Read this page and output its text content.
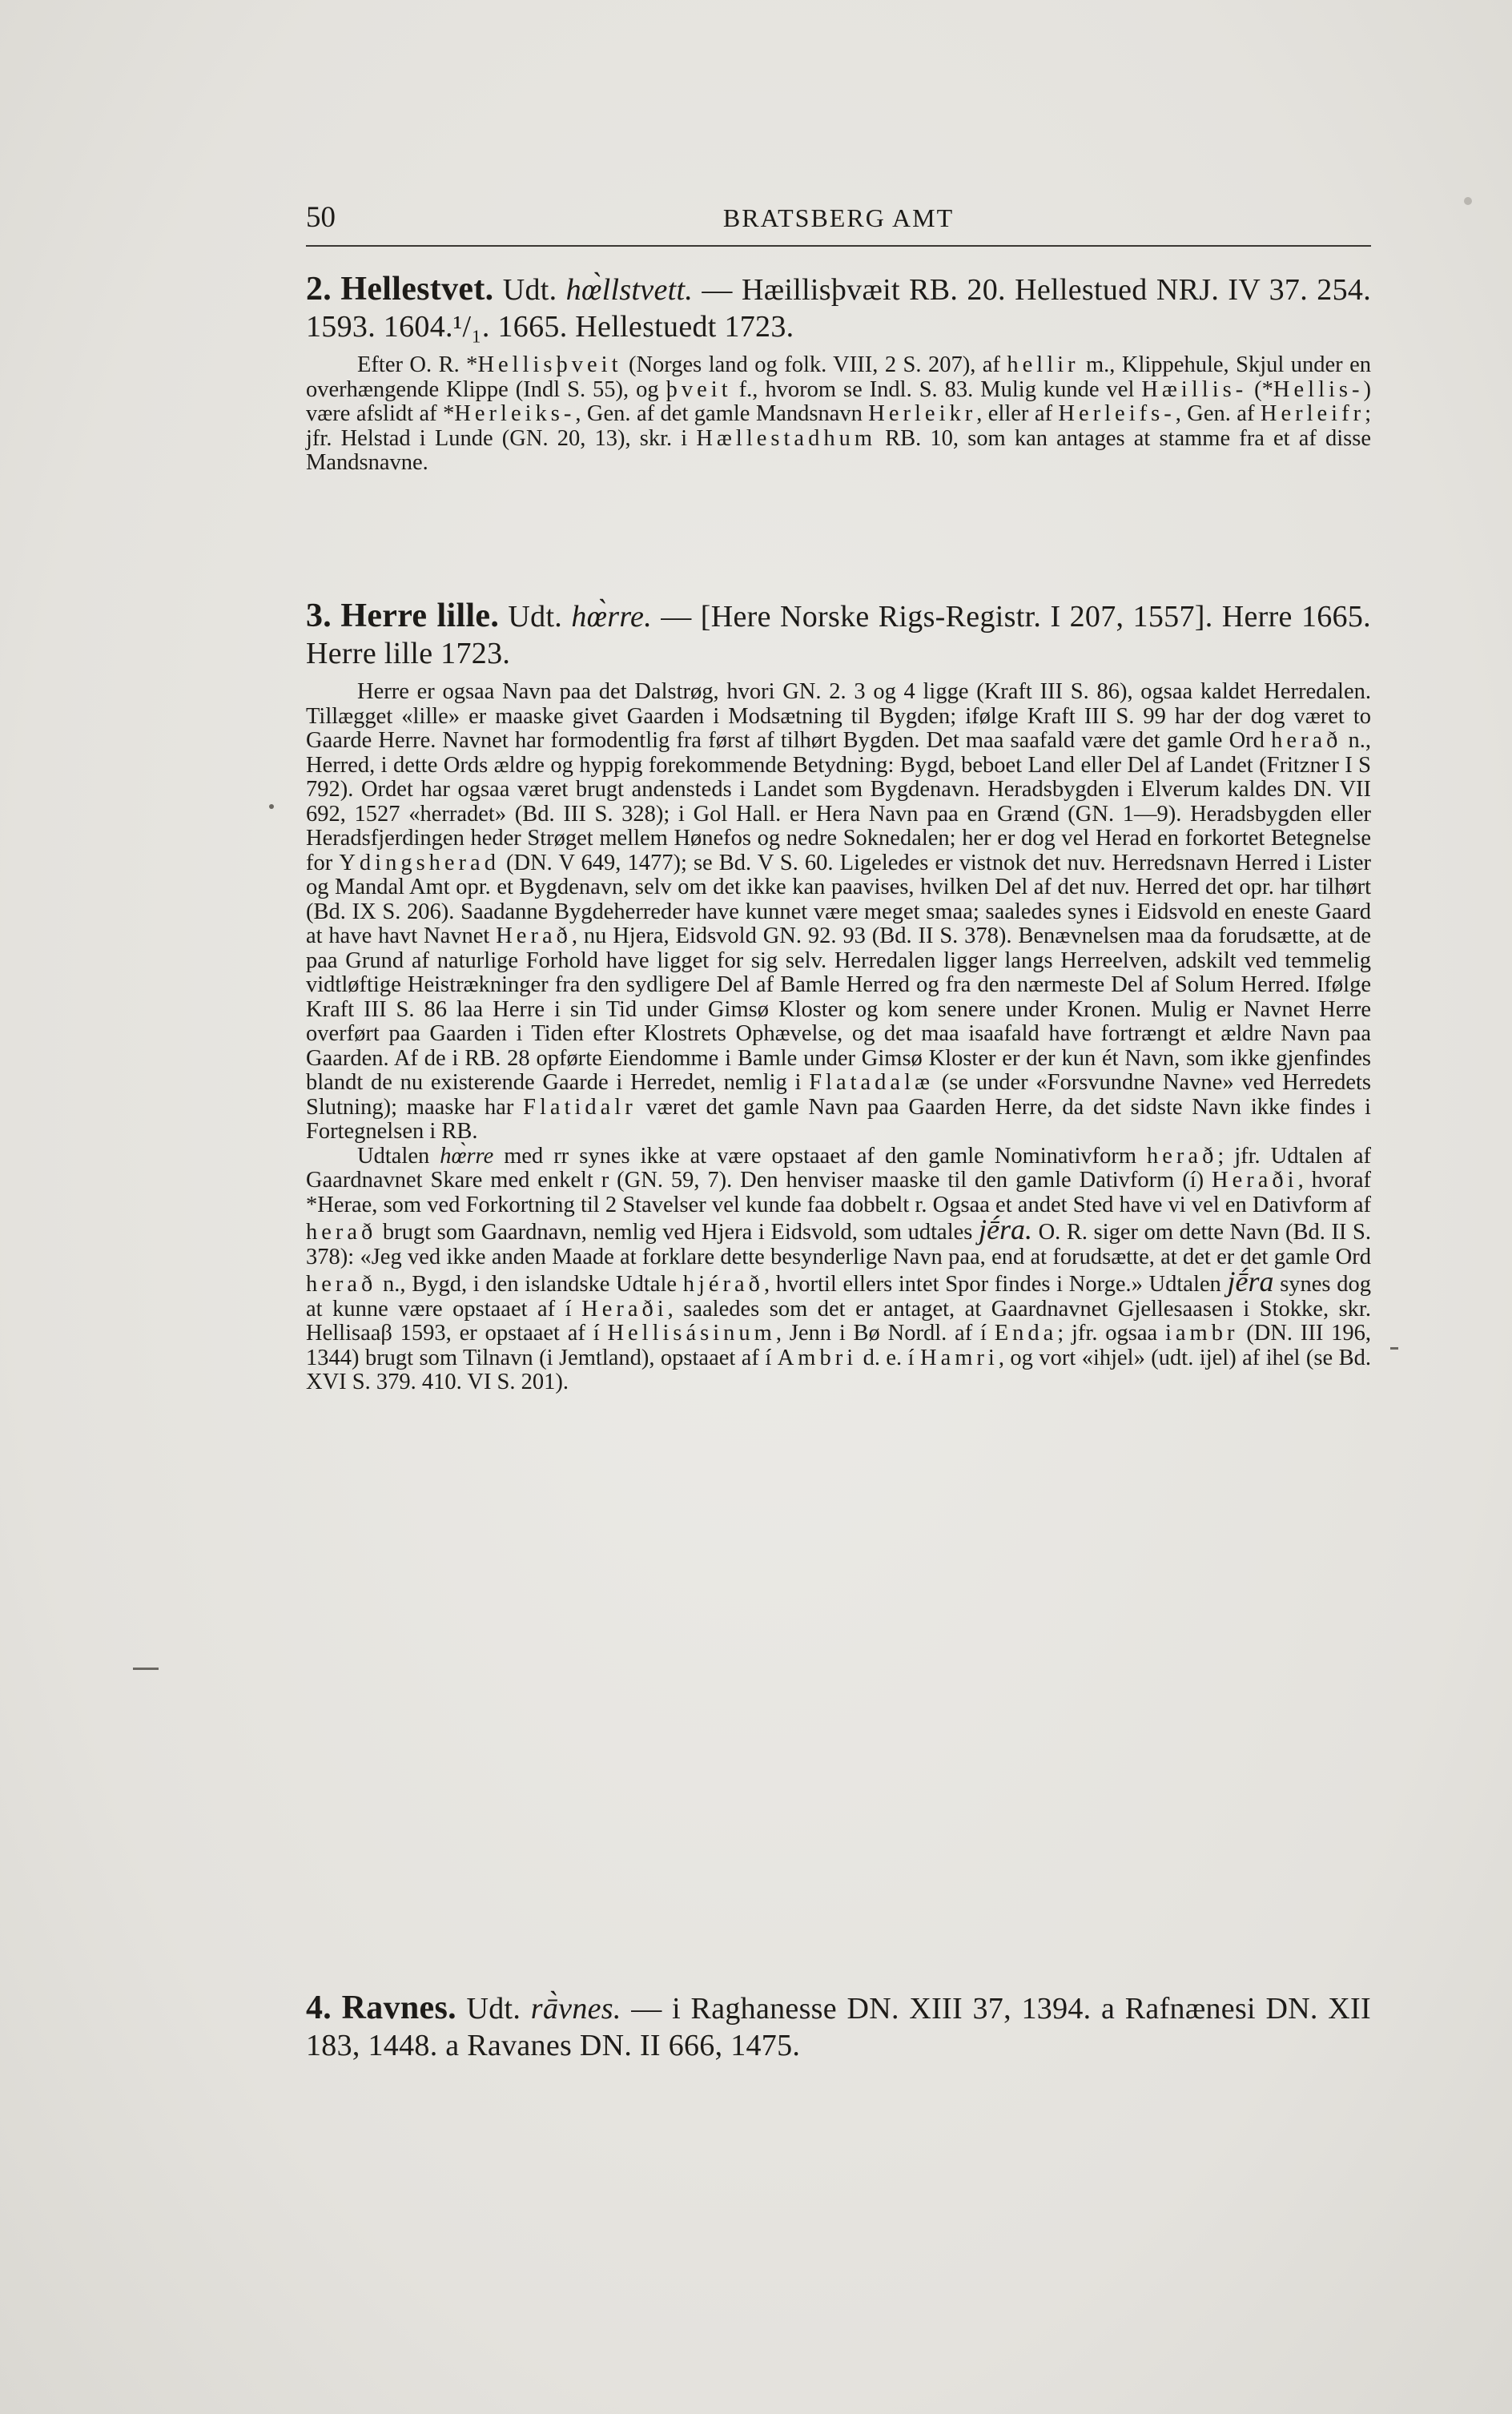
50	BRATSBERG AMT

2. Hellestvet. Udt. hœ̀llstvett. — Hæillisþvæit RB. 20. Hellestued NRJ. IV 37. 254. 1593. 1604.¹/₁. 1665. Hellestuedt 1723.

Efter O. R. *Hellisþveit (Norges land og folk. VIII, 2 S. 207), af hellir m., Klippehule, Skjul under en overhængende Klippe (Indl S. 55), og þveit f., hvorom se Indl. S. 83. Mulig kunde vel Hæillis- (*Hellis-) være afslidt af *Herleiks-, Gen. af det gamle Mandsnavn Herleikr, eller af Herleifs-, Gen. af Herleifr; jfr. Helstad i Lunde (GN. 20, 13), skr. i Hællestadhum RB. 10, som kan antages at stamme fra et af disse Mandsnavne.

3. Herre lille. Udt. hœ̀rre. — [Here Norske Rigs-Registr. I 207, 1557]. Herre 1665. Herre lille 1723.

Herre er ogsaa Navn paa det Dalstrøg, hvori GN. 2. 3 og 4 ligge (Kraft III S. 86), ogsaa kaldet Herredalen. Tillægget «lille» er maaske givet Gaarden i Modsætning til Bygden; ifølge Kraft III S. 99 har der dog været to Gaarde Herre. Navnet har formodentlig fra først af tilhørt Bygden. Det maa saafald være det gamle Ord herað n., Herred, i dette Ords ældre og hyppig forekommende Betydning: Bygd, beboet Land eller Del af Landet (Fritzner I S 792). Ordet har ogsaa været brugt andensteds i Landet som Bygdenavn. Heradsbygden i Elverum kaldes DN. VII 692, 1527 «herradet» (Bd. III S. 328); i Gol Hall. er Hera Navn paa en Grænd (GN. 1—9). Heradsbygden eller Heradsfjerdingen heder Strøget mellem Hønefos og nedre Soknedalen; her er dog vel Herad en forkortet Betegnelse for Ydingsherad (DN. V 649, 1477); se Bd. V S. 60. Ligeledes er vistnok det nuv. Herredsnavn Herred i Lister og Mandal Amt opr. et Bygdenavn, selv om det ikke kan paavises, hvilken Del af det nuv. Herred det opr. har tilhørt (Bd. IX S. 206). Saadanne Bygdeherreder have kunnet være meget smaa; saaledes synes i Eidsvold en eneste Gaard at have havt Navnet Herað, nu Hjera, Eidsvold GN. 92. 93 (Bd. II S. 378). Benævnelsen maa da forudsætte, at de paa Grund af naturlige Forhold have ligget for sig selv. Herredalen ligger langs Herreelven, adskilt ved temmelig vidtløftige Heistrækninger fra den sydligere Del af Bamle Herred og fra den nærmeste Del af Solum Herred. Ifølge Kraft III S. 86 laa Herre i sin Tid under Gimsø Kloster og kom senere under Kronen. Mulig er Navnet Herre overført paa Gaarden i Tiden efter Klostrets Ophævelse, og det maa isaafald have fortrængt et ældre Navn paa Gaarden. Af de i RB. 28 opførte Eiendomme i Bamle under Gimsø Kloster er der kun ét Navn, som ikke gjenfindes blandt de nu existerende Gaarde i Herredet, nemlig i Flatadalæ (se under «Forsvundne Navne» ved Herredets Slutning); maaske har Flatidalr været det gamle Navn paa Gaarden Herre, da det sidste Navn ikke findes i Fortegnelsen i RB.

Udtalen hœ̀rre med rr synes ikke at være opstaaet af den gamle Nominativform herað; jfr. Udtalen af Gaardnavnet Skare med enkelt r (GN. 59, 7). Den henviser maaske til den gamle Dativform (í) Heraði, hvoraf *Herae, som ved Forkortning til 2 Stavelser vel kunde faa dobbelt r. Ogsaa et andet Sted have vi vel en Dativform af herað brugt som Gaardnavn, nemlig ved Hjera i Eidsvold, som udtales jḗra. O. R. siger om dette Navn (Bd. II S. 378): «Jeg ved ikke anden Maade at forklare dette besynderlige Navn paa, end at forudsætte, at det er det gamle Ord herað n., Bygd, i den islandske Udtale hjérað, hvortil ellers intet Spor findes i Norge.» Udtalen jḗra synes dog at kunne være opstaaet af í Heraði, saaledes som det er antaget, at Gaardnavnet Gjellesaasen i Stokke, skr. Hellisaaβ 1593, er opstaaet af í Hellisásinum, Jenn i Bø Nordl. af í Enda; jfr. ogsaa iambr (DN. III 196, 1344) brugt som Tilnavn (i Jemtland), opstaaet af í Ambri d. e. í Hamri, og vort «ihjel» (udt. ijel) af ihel (se Bd. XVI S. 379. 410. VI S. 201).

4. Ravnes. Udt. rā̀vnes. — i Raghanesse DN. XIII 37, 1394. a Rafnænesi DN. XII 183, 1448. a Ravanes DN. II 666, 1475.
